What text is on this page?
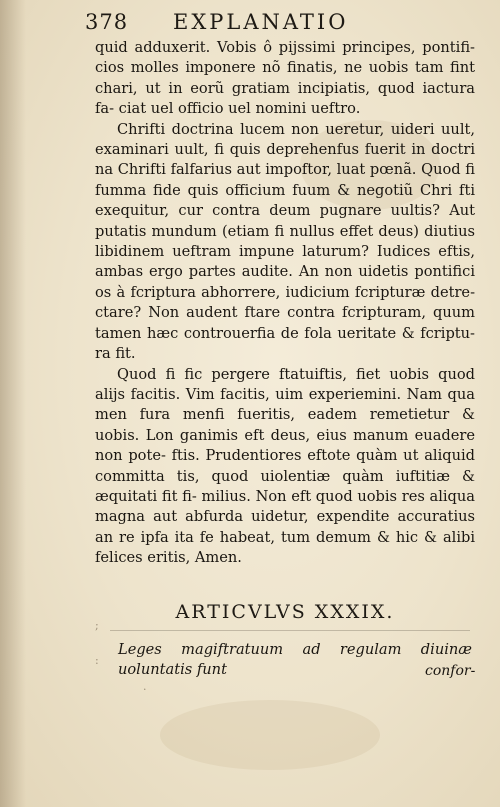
378 EXPLANATIO

quid adduxerit. Vobis ô pijssimi principes, pontifi- cios molles imponere nõ finatis, ne uobis tam fint chari, ut in eorũ gratiam incipiatis, quod iactura fa- ciat uel officio uel nomini ueftro.

Chrifti doctrina lucem non ueretur, uideri uult, examinari uult, fi quis deprehenfus fuerit in doctri na Chrifti falfarius aut impoftor, luat pœnã. Quod fi fumma fide quis officium fuum & negotiũ Chri fti exequitur, cur contra deum pugnare uultis? Aut putatis mundum (etiam fi nullus effet deus) diutius libidinem ueftram impune laturum? Iudices eftis, ambas ergo partes audite. An non uidetis pontifici os à fcriptura abhorrere, iudicium fcripturæ detre- ctare? Non audent ftare contra fcripturam, quum tamen hæc controuerfia de fola ueritate & fcriptu- ra fit.

Quod fi fic pergere ftatuiftis, fiet uobis quod alijs facitis. Vim facitis, uim experiemini. Nam qua men fura menfi fueritis, eadem remetietur & uobis. Lon ganimis eft deus, eius manum euadere non pote- ftis. Prudentiores eftote quàm ut aliquid committa tis, quod uiolentiæ quàm iuftitiæ & æquitati fit fi- milius. Non eft quod uobis res aliqua magna aut abfurda uidetur, expendite accuratius an re ipfa ita fe habeat, tum demum & hic & alibi felices eritis, Amen.

;
:
·
ARTICVLVS XXXIX.
Leges magiftratuum ad regulam diuinæ uoluntatis funt	confor-
